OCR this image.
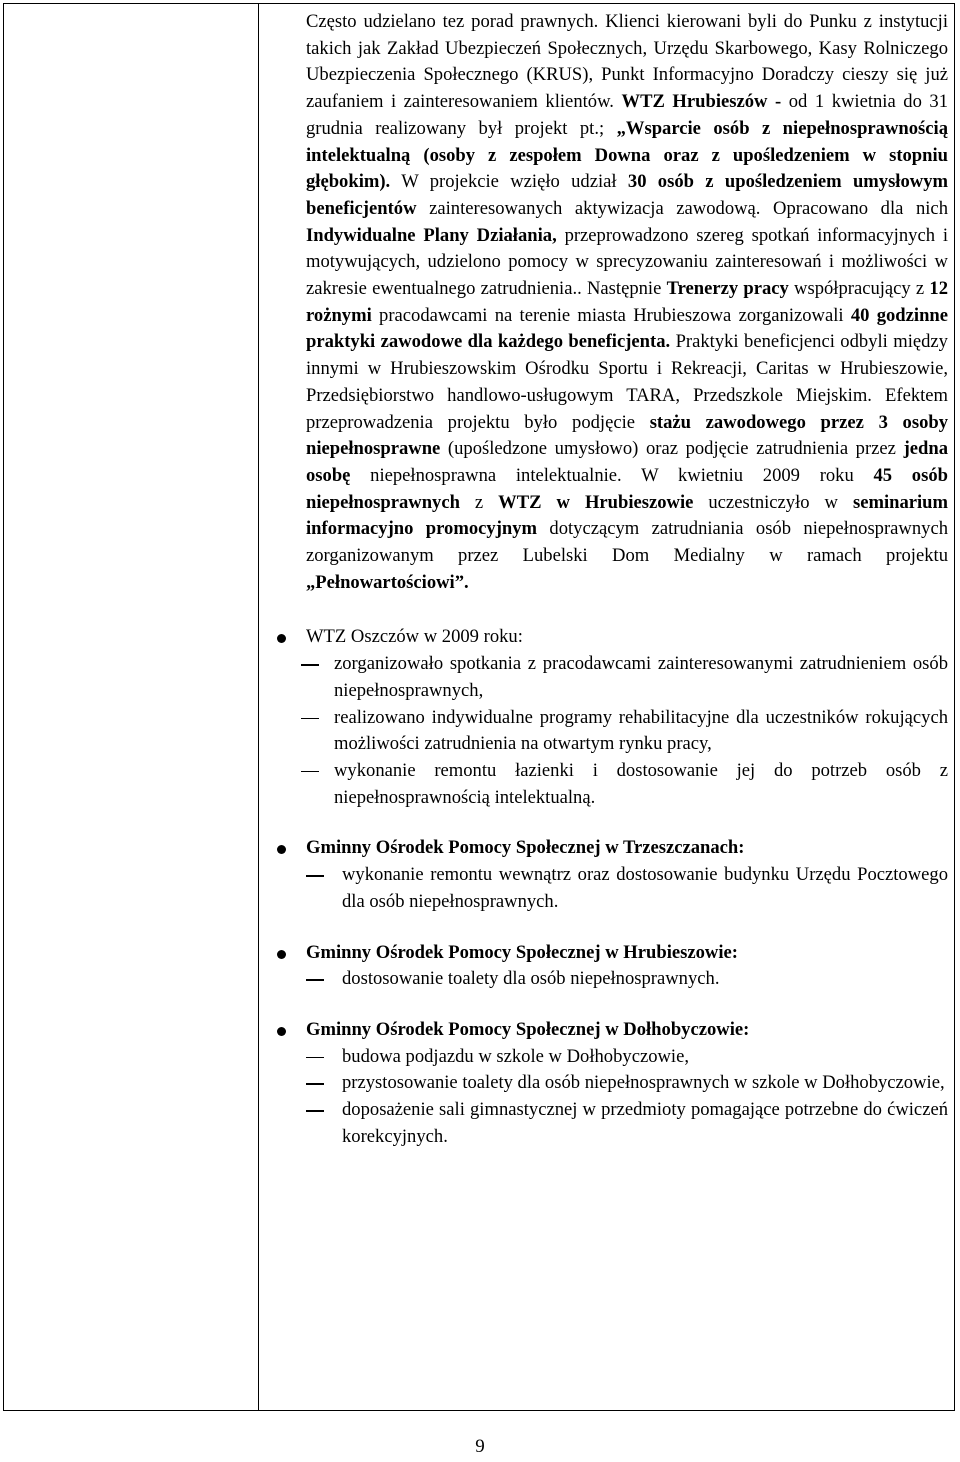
Często udzielano tez porad prawnych. Klienci kierowani byli do Punku z instytucji takich jak Zakład Ubezpieczeń Społecznych, Urzędu Skarbowego, Kasy Rolniczego Ubezpieczenia Społecznego (KRUS), Punkt Informacyjno Doradczy cieszy się już zaufaniem i zainteresowaniem klientów. WTZ Hrubieszów - od 1 kwietnia do 31 grudnia realizowany był projekt pt.; „Wsparcie osób z niepełnosprawnością intelektualną (osoby z zespołem Downa oraz z upośledzeniem w stopniu głębokim). W projekcie wzięło udział 30 osób z upośledzeniem umysłowym beneficjentów zainteresowanych aktywizacja zawodową. Opracowano dla nich Indywidualne Plany Działania, przeprowadzono szereg spotkań informacyjnych i motywujących, udzielono pomocy w sprecyzowaniu zainteresowań i możliwości w zakresie ewentualnego zatrudnienia.. Następnie Trenerzy pracy współpracujący z 12 rożnymi pracodawcami na terenie miasta Hrubieszowa zorganizowali 40 godzinne praktyki zawodowe dla każdego beneficjenta. Praktyki beneficjenci odbyli między innymi w Hrubieszowskim Ośrodku Sportu i Rekreacji, Caritas w Hrubieszowie, Przedsiębiorstwo handlowo-usługowym TARA, Przedszkole Miejskim. Efektem przeprowadzenia projektu było podjęcie stażu zawodowego przez 3 osoby niepełnosprawne (upośledzone umysłowo) oraz podjęcie zatrudnienia przez jedna osobę niepełnosprawna intelektualnie. W kwietniu 2009 roku 45 osób niepełnosprawnych z WTZ w Hrubieszowie uczestniczyło w seminarium informacyjno promocyjnym dotyczącym zatrudniania osób niepełnosprawnych zorganizowanym przez Lubelski Dom Medialny w ramach projektu „Pełnowartościowi”.

WTZ Oszczów w 2009 roku:
zorganizowało spotkania z pracodawcami zainteresowanymi zatrudnieniem osób niepełnosprawnych,
realizowano indywidualne programy rehabilitacyjne dla uczestników rokujących możliwości zatrudnienia na otwartym rynku pracy,
wykonanie remontu łazienki i dostosowanie jej do potrzeb osób z niepełnosprawnością intelektualną.
Gminny Ośrodek Pomocy Społecznej w Trzeszczanach:
wykonanie remontu wewnątrz oraz dostosowanie budynku Urzędu Pocztowego dla osób niepełnosprawnych.
Gminny Ośrodek Pomocy Społecznej w Hrubieszowie:
dostosowanie toalety dla osób niepełnosprawnych.
Gminny Ośrodek Pomocy Społecznej w Dołhobyczowie:
budowa podjazdu w szkole w Dołhobyczowie,
przystosowanie toalety dla osób niepełnosprawnych w szkole w Dołhobyczowie,
doposażenie sali gimnastycznej w przedmioty pomagające potrzebne do ćwiczeń korekcyjnych.
9
